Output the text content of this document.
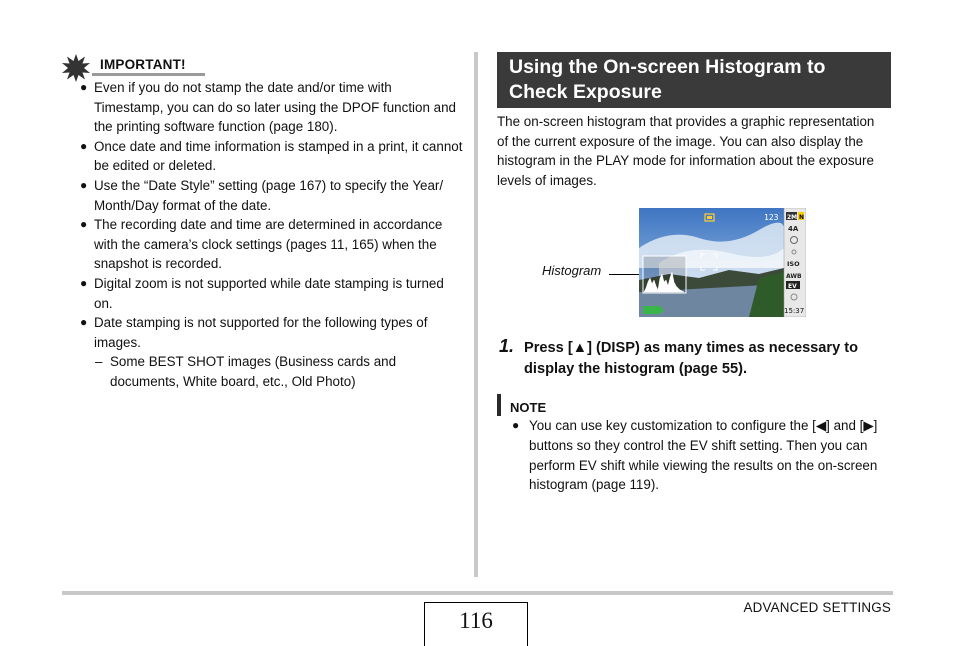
IMPORTANT!
● Even if you do not stamp the date and/or time with Timestamp, you can do so later using the DPOF function and the printing software function (page 180).
● Once date and time information is stamped in a print, it cannot be edited or deleted.
● Use the “Date Style” setting (page 167) to specify the Year/ Month/Day format of the date.
● The recording date and time are determined in accordance with the camera’s clock settings (pages 11, 165) when the snapshot is recorded.
● Digital zoom is not supported while date stamping is turned on.
● Date stamping is not supported for the following types of images.
– Some BEST SHOT images (Business cards and documents, White board, etc., Old Photo)
Using the On-screen Histogram to Check Exposure
The on-screen histogram that provides a graphic representation of the current exposure of the image. You can also display the histogram in the PLAY mode for information about the exposure levels of images.
Histogram
123 2M N
4A
ISO
AWB
EV
15:37
1. Press [▲] (DISP) as many times as necessary to display the histogram (page 55).
NOTE
● You can use key customization to configure the [◀] and [▶] buttons so they control the EV shift setting. Then you can perform EV shift while viewing the results on the on-screen histogram (page 119).
116
ADVANCED SETTINGS
